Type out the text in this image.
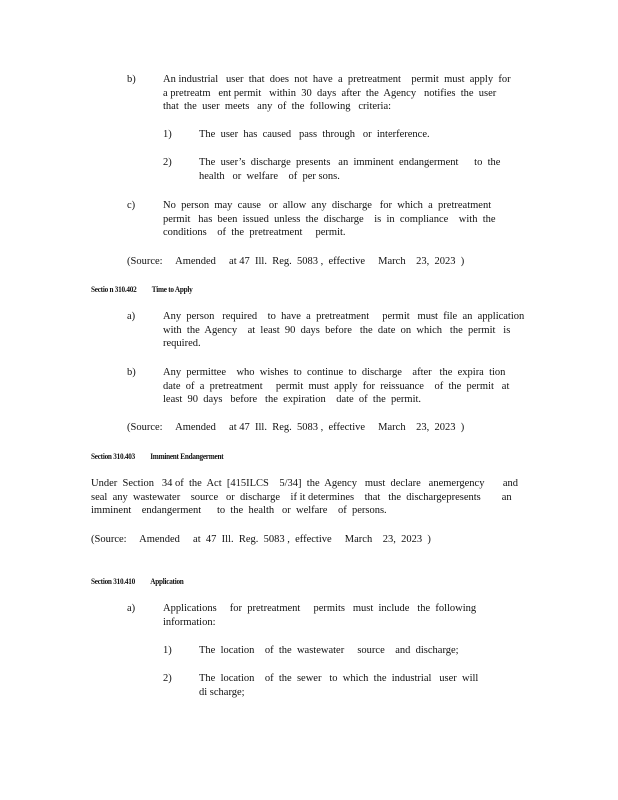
b)	An industrial   user  that  does  not  have  a  pretreatment    permit  must  apply  for
a pretreatm   ent permit   within  30  days  after  the  Agency   notifies  the  user
that  the  user  meets   any  of  the  following   criteria:
1)	The  user  has  caused   pass  through   or  interference.
2)	The  user’s  discharge  presents   an  imminent  endangerment      to  the
health   or  welfare    of  per sons.
c)	No  person  may  cause   or  allow  any  discharge   for  which  a  pretreatment
permit   has  been  issued  unless  the  discharge    is  in  compliance    with  the
conditions    of  the  pretreatment     permit.
(Source:     Amended     at 47  Ill.  Reg.  5083 ,  effective     March    23,  2023  )
Sectio n 310.402 Time to Apply
a)	Any  person   required    to  have  a  pretreatment     permit   must  file  an  application
with  the  Agency    at  least  90  days  before   the  date  on  which   the  permit   is
required.
b)	Any  permittee    who  wishes  to  continue  to  discharge    after   the  expira  tion
date  of  a  pretreatment     permit  must  apply  for  reissuance    of  the  permit   at
least  90  days   before   the  expiration    date  of  the  permit.
(Source:     Amended     at 47  Ill.  Reg.  5083 ,  effective     March    23,  2023  )
Section 310.403 Imminent Endangerment
Under  Section   34 of  the  Act  [415ILCS    5/34]  the  Agency   must  declare   anemergency       and
seal  any  wastewater    source   or  discharge    if it determines    that   the  dischargepresents        an
imminent    endangerment      to  the  health   or  welfare    of  persons.
(Source:     Amended     at  47  Ill.  Reg.  5083 ,  effective     March    23,  2023  )
Section 310.410 Application
a)	Applications     for  pretreatment     permits   must  include   the  following
information:
1)	The  location    of  the  wastewater     source    and  discharge;
2)	The  location    of  the  sewer   to  which  the  industrial   user  will
di scharge;
